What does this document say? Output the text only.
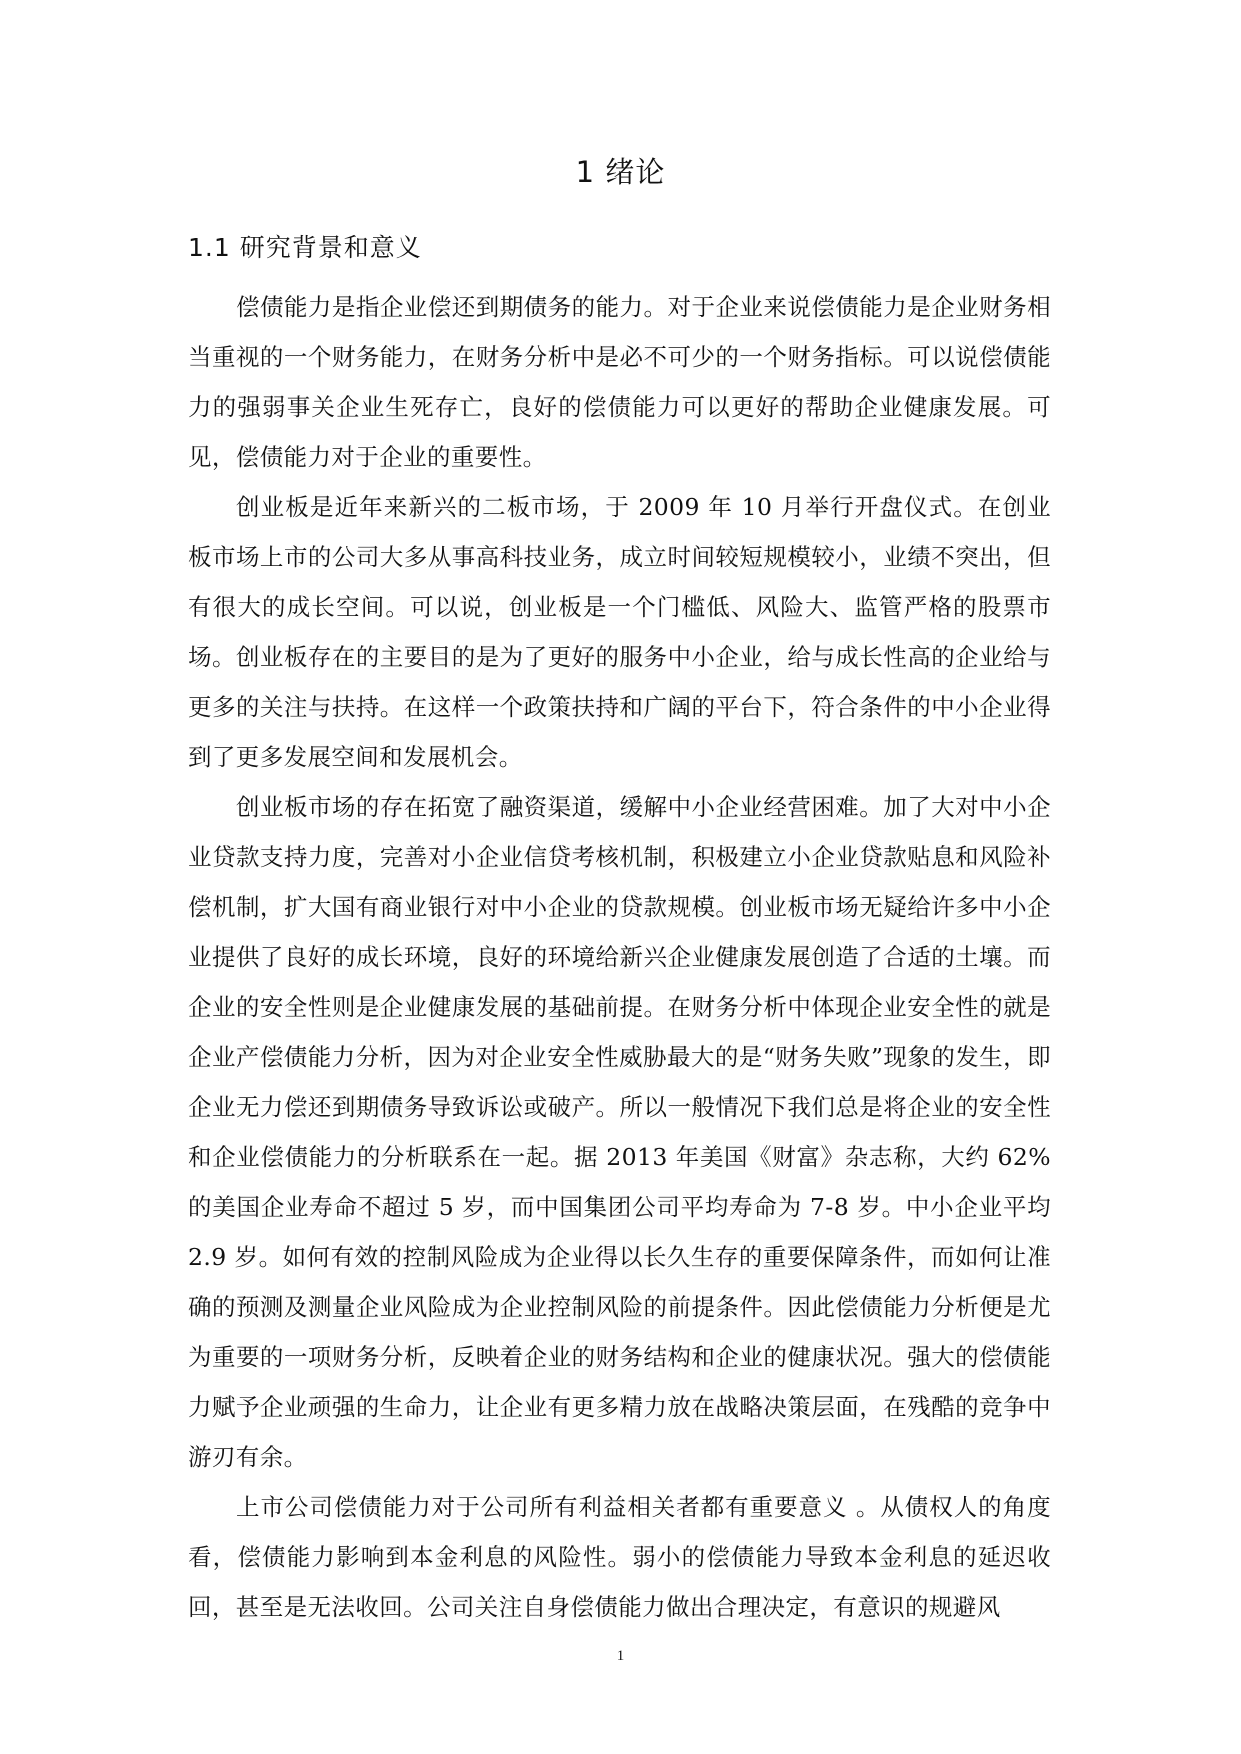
1 绪论
1.1 研究背景和意义

偿债能力是指企业偿还到期债务的能力。对于企业来说偿债能力是企业财务相当重视的一个财务能力，在财务分析中是必不可少的一个财务指标。可以说偿债能力的强弱事关企业生死存亡，良好的偿债能力可以更好的帮助企业健康发展。可见，偿债能力对于企业的重要性。

创业板是近年来新兴的二板市场，于 2009 年 10 月举行开盘仪式。在创业板市场上市的公司大多从事高科技业务，成立时间较短规模较小，业绩不突出，但有很大的成长空间。可以说，创业板是一个门槛低、风险大、监管严格的股票市场。创业板存在的主要目的是为了更好的服务中小企业，给与成长性高的企业给与更多的关注与扶持。在这样一个政策扶持和广阔的平台下，符合条件的中小企业得到了更多发展空间和发展机会。

创业板市场的存在拓宽了融资渠道，缓解中小企业经营困难。加了大对中小企业贷款支持力度，完善对小企业信贷考核机制，积极建立小企业贷款贴息和风险补偿机制，扩大国有商业银行对中小企业的贷款规模。创业板市场无疑给许多中小企业提供了良好的成长环境，良好的环境给新兴企业健康发展创造了合适的土壤。而企业的安全性则是企业健康发展的基础前提。在财务分析中体现企业安全性的就是企业产偿债能力分析，因为对企业安全性威胁最大的是“财务失败”现象的发生，即企业无力偿还到期债务导致诉讼或破产。所以一般情况下我们总是将企业的安全性和企业偿债能力的分析联系在一起。据 2013 年美国《财富》杂志称，大约 62%的美国企业寿命不超过 5 岁，而中国集团公司平均寿命为 7-8 岁。中小企业平均 2.9 岁。如何有效的控制风险成为企业得以长久生存的重要保障条件，而如何让准确的预测及测量企业风险成为企业控制风险的前提条件。因此偿债能力分析便是尤为重要的一项财务分析，反映着企业的财务结构和企业的健康状况。强大的偿债能力赋予企业顽强的生命力，让企业有更多精力放在战略决策层面，在残酷的竞争中游刃有余。

上市公司偿债能力对于公司所有利益相关者都有重要意义 。从债权人的角度看，偿债能力影响到本金利息的风险性。弱小的偿债能力导致本金利息的延迟收回，甚至是无法收回。公司关注自身偿债能力做出合理决定，有意识的规避风

1
